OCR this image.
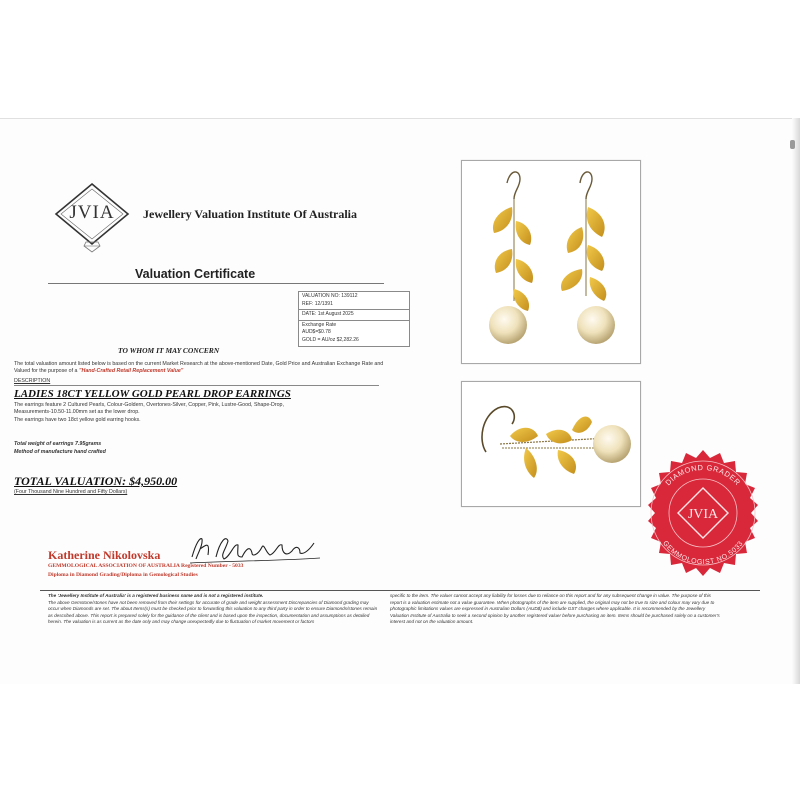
JVIA	Jewellery Valuation Institute Of Australia
Valuation Certificate
VALUATION NO: 139112
REF: 12/1391
DATE: 1st August 2025
Exchange Rate
AUD$=$0.78
GOLD = AU/oz $2,282.26
TO WHOM IT MAY CONCERN
The total valuation amount listed below is based on the current Market Research at the above-mentioned Date, Gold Price and Australian Exchange Rate and Valued for the purpose of a "Hand-Crafted Retail Replacement Value"
DESCRIPTION
LADIES 18CT YELLOW GOLD PEARL DROP EARRINGS
The earrings feature 2 Cultured Pearls, Colour-Goldern, Overtones-Silver, Copper, Pink, Lustre-Good, Shape-Drop,
Measurements-10.50-11.00mm set as the lower drop.
The earrings have two 18ct yellow gold earring hooks.
Total weight of earrings 7.95grams
Method of manufacture hand crafted
TOTAL VALUATION: $4,950.00
(Four Thousand Nine Hundred and Fifty Dollars)
Katherine Nikolovska
GEMMOLOGICAL ASSOCIATION OF AUSTRALIA Registered Number - 5033
Diploma in Diamond Grading/Diploma in Gemological Studies
The 'Jewellery Institute of Australia' is a registered business name and is not a registered institute.
The above Gemstone/stones have not been removed from their settings for accurate of grade and weight assessment Discrepancies of Diamond grading may occur when Diamonds are set. The about Items(s) must be checked prior to forwarding this valuation to any third party in order to ensure Diamonds/stones remain as described above. This report is prepared solely for the guidance of the client and is based upon the inspection, documentation and assumptions as detailed herein. The valuation is as current as the date only and may change unexpectedly due to fluctuation of market movement or factors
specific to the item. The valuer cannot accept any liability for losses due to reliance on this report and for any subsequent change in value. The purpose of this report is a valuation estimate not a value guarantee. When photographs of the item are supplied, the original may not be true to size and colour may vary due to photographic limitations values are expressed in Australian Dollars (AUD$) and include GST charges where applicable. It is recommended by the Jewellery Valuation Institute of Australia to seek a second opinion by another registered valuer before purchasing an item. Items should be purchased solely on a customer's interest and not on the valuation amount.
DIAMOND GRADER
GEMMOLOGIST NO.5033
JVIA
